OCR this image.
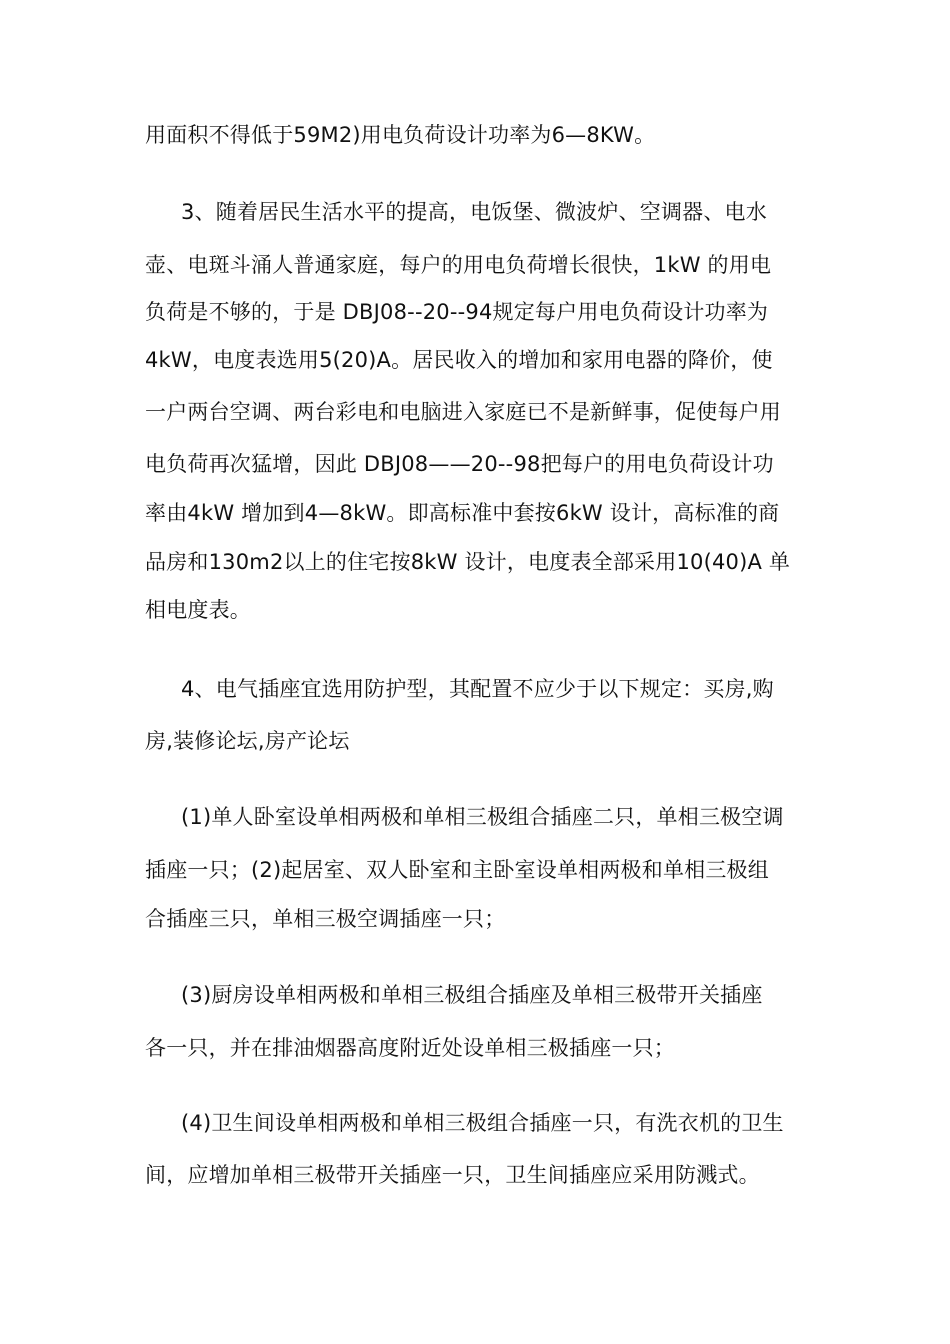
用面积不得低于59M2)用电负荷设计功率为6—8KW。
3、随着居民生活水平的提高，电饭堡、微波炉、空调器、电水
壶、电斑斗涌人普通家庭，每户的用电负荷增长很快，1kW 的用电
负荷是不够的，于是 DBJ08--20--94规定每户用电负荷设计功率为
4kW，电度表选用5(20)A。居民收入的增加和家用电器的降价，使
一户两台空调、两台彩电和电脑进入家庭已不是新鲜事，促使每户用
电负荷再次猛增，因此 DBJ08——20--98把每户的用电负荷设计功
率由4kW 增加到4—8kW。即高标准中套按6kW 设计，高标准的商
品房和130m2以上的住宅按8kW 设计，电度表全部采用10(40)A 单
相电度表。
4、电气插座宜选用防护型，其配置不应少于以下规定：买房,购
房,装修论坛,房产论坛
(1)单人卧室设单相两极和单相三极组合插座二只，单相三极空调
插座一只；(2)起居室、双人卧室和主卧室设单相两极和单相三极组
合插座三只，单相三极空调插座一只；
(3)厨房设单相两极和单相三极组合插座及单相三极带开关插座
各一只，并在排油烟器高度附近处设单相三极插座一只；
(4)卫生间设单相两极和单相三极组合插座一只，有洗衣机的卫生
间，应增加单相三极带开关插座一只，卫生间插座应采用防溅式。
